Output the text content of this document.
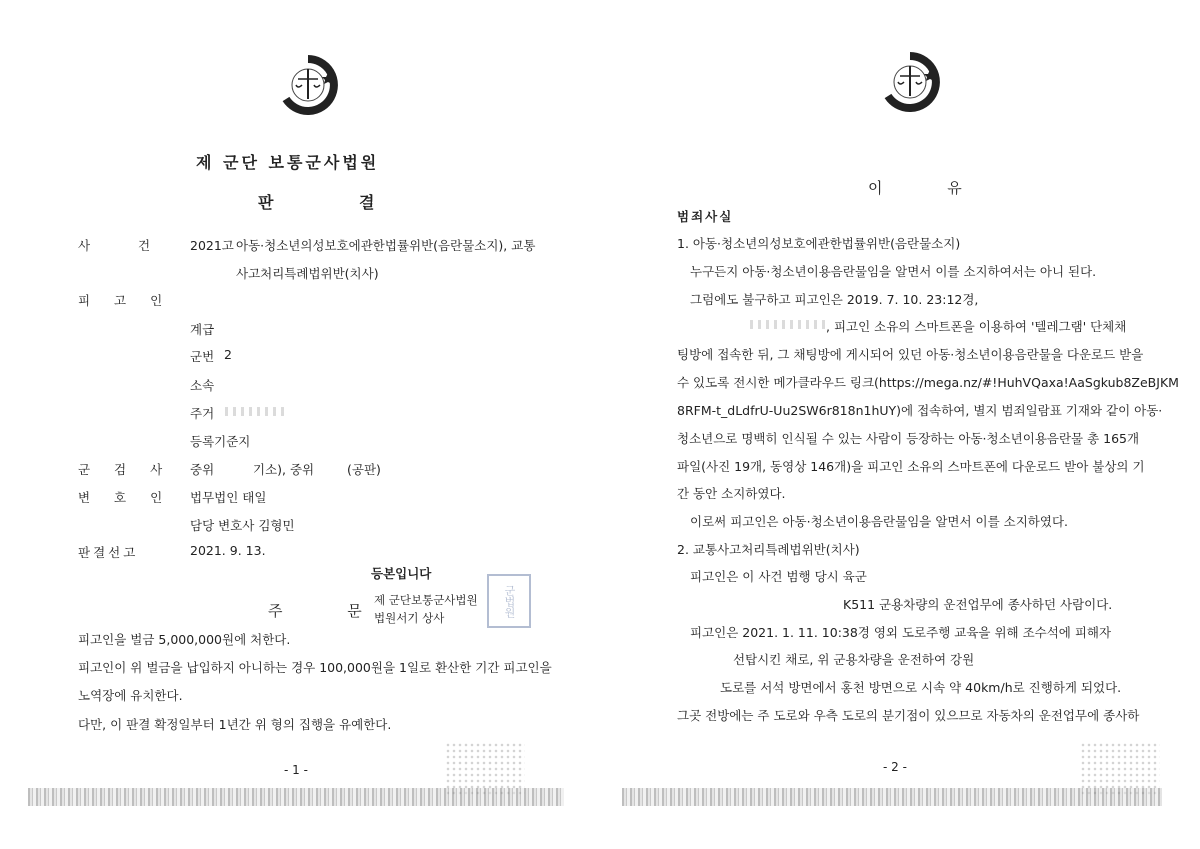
제 군단 보통군사법원
판 결
사 건 2021고 아동·청소년의성보호에관한법률위반(음란물소지), 교통
사고처리특례법위반(치사)
피 고 인
계급
군번 2
소속
주거
등록기준지
군 검 사 중위	기소), 중위	(공판)
변 호 인 법무법인 태일
담당 변호사 김형민
판결선고	2021. 9. 13.
등본입니다
주 문
제 군단보통군사법원
법원서기 상사
군법원
피고인을 벌금 5,000,000원에 처한다.
피고인이 위 벌금을 납입하지 아니하는 경우 100,000원을 1일로 환산한 기간 피고인을
노역장에 유치한다.
다만, 이 판결 확정일부터 1년간 위 형의 집행을 유예한다.
- 1 -
이 유
범죄사실
1. 아동·청소년의성보호에관한법률위반(음란물소지)
누구든지 아동·청소년이용음란물임을 알면서 이를 소지하여서는 아니 된다.
그럼에도 불구하고 피고인은 2019. 7. 10. 23:12경,
, 피고인 소유의 스마트폰을 이용하여 '텔레그램' 단체채
팅방에 접속한 뒤, 그 채팅방에 게시되어 있던 아동·청소년이용음란물을 다운로드 받을
수 있도록 전시한 메가클라우드 링크(https://mega.nz/#!HuhVQaxa!AaSgkub8ZeBJKM
8RFM-t_dLdfrU-Uu2SW6r818n1hUY)에 접속하여, 별지 범죄일람표 기재와 같이 아동·
청소년으로 명백히 인식될 수 있는 사람이 등장하는 아동·청소년이용음란물 총 165개
파일(사진 19개, 동영상 146개)을 피고인 소유의 스마트폰에 다운로드 받아 불상의 기
간 동안 소지하였다.
이로써 피고인은 아동·청소년이용음란물임을 알면서 이를 소지하였다.
2. 교통사고처리특례법위반(치사)
피고인은 이 사건 범행 당시 육군
K511 군용차량의 운전업무에 종사하던 사람이다.
피고인은 2021. 1. 11. 10:38경 영외 도로주행 교육을 위해 조수석에 피해자
선탑시킨 채로, 위 군용차량을 운전하여 강원
도로를 서석 방면에서 홍천 방면으로 시속 약 40km/h로 진행하게 되었다.
그곳 전방에는 주 도로와 우측 도로의 분기점이 있으므로 자동차의 운전업무에 종사하
- 2 -
